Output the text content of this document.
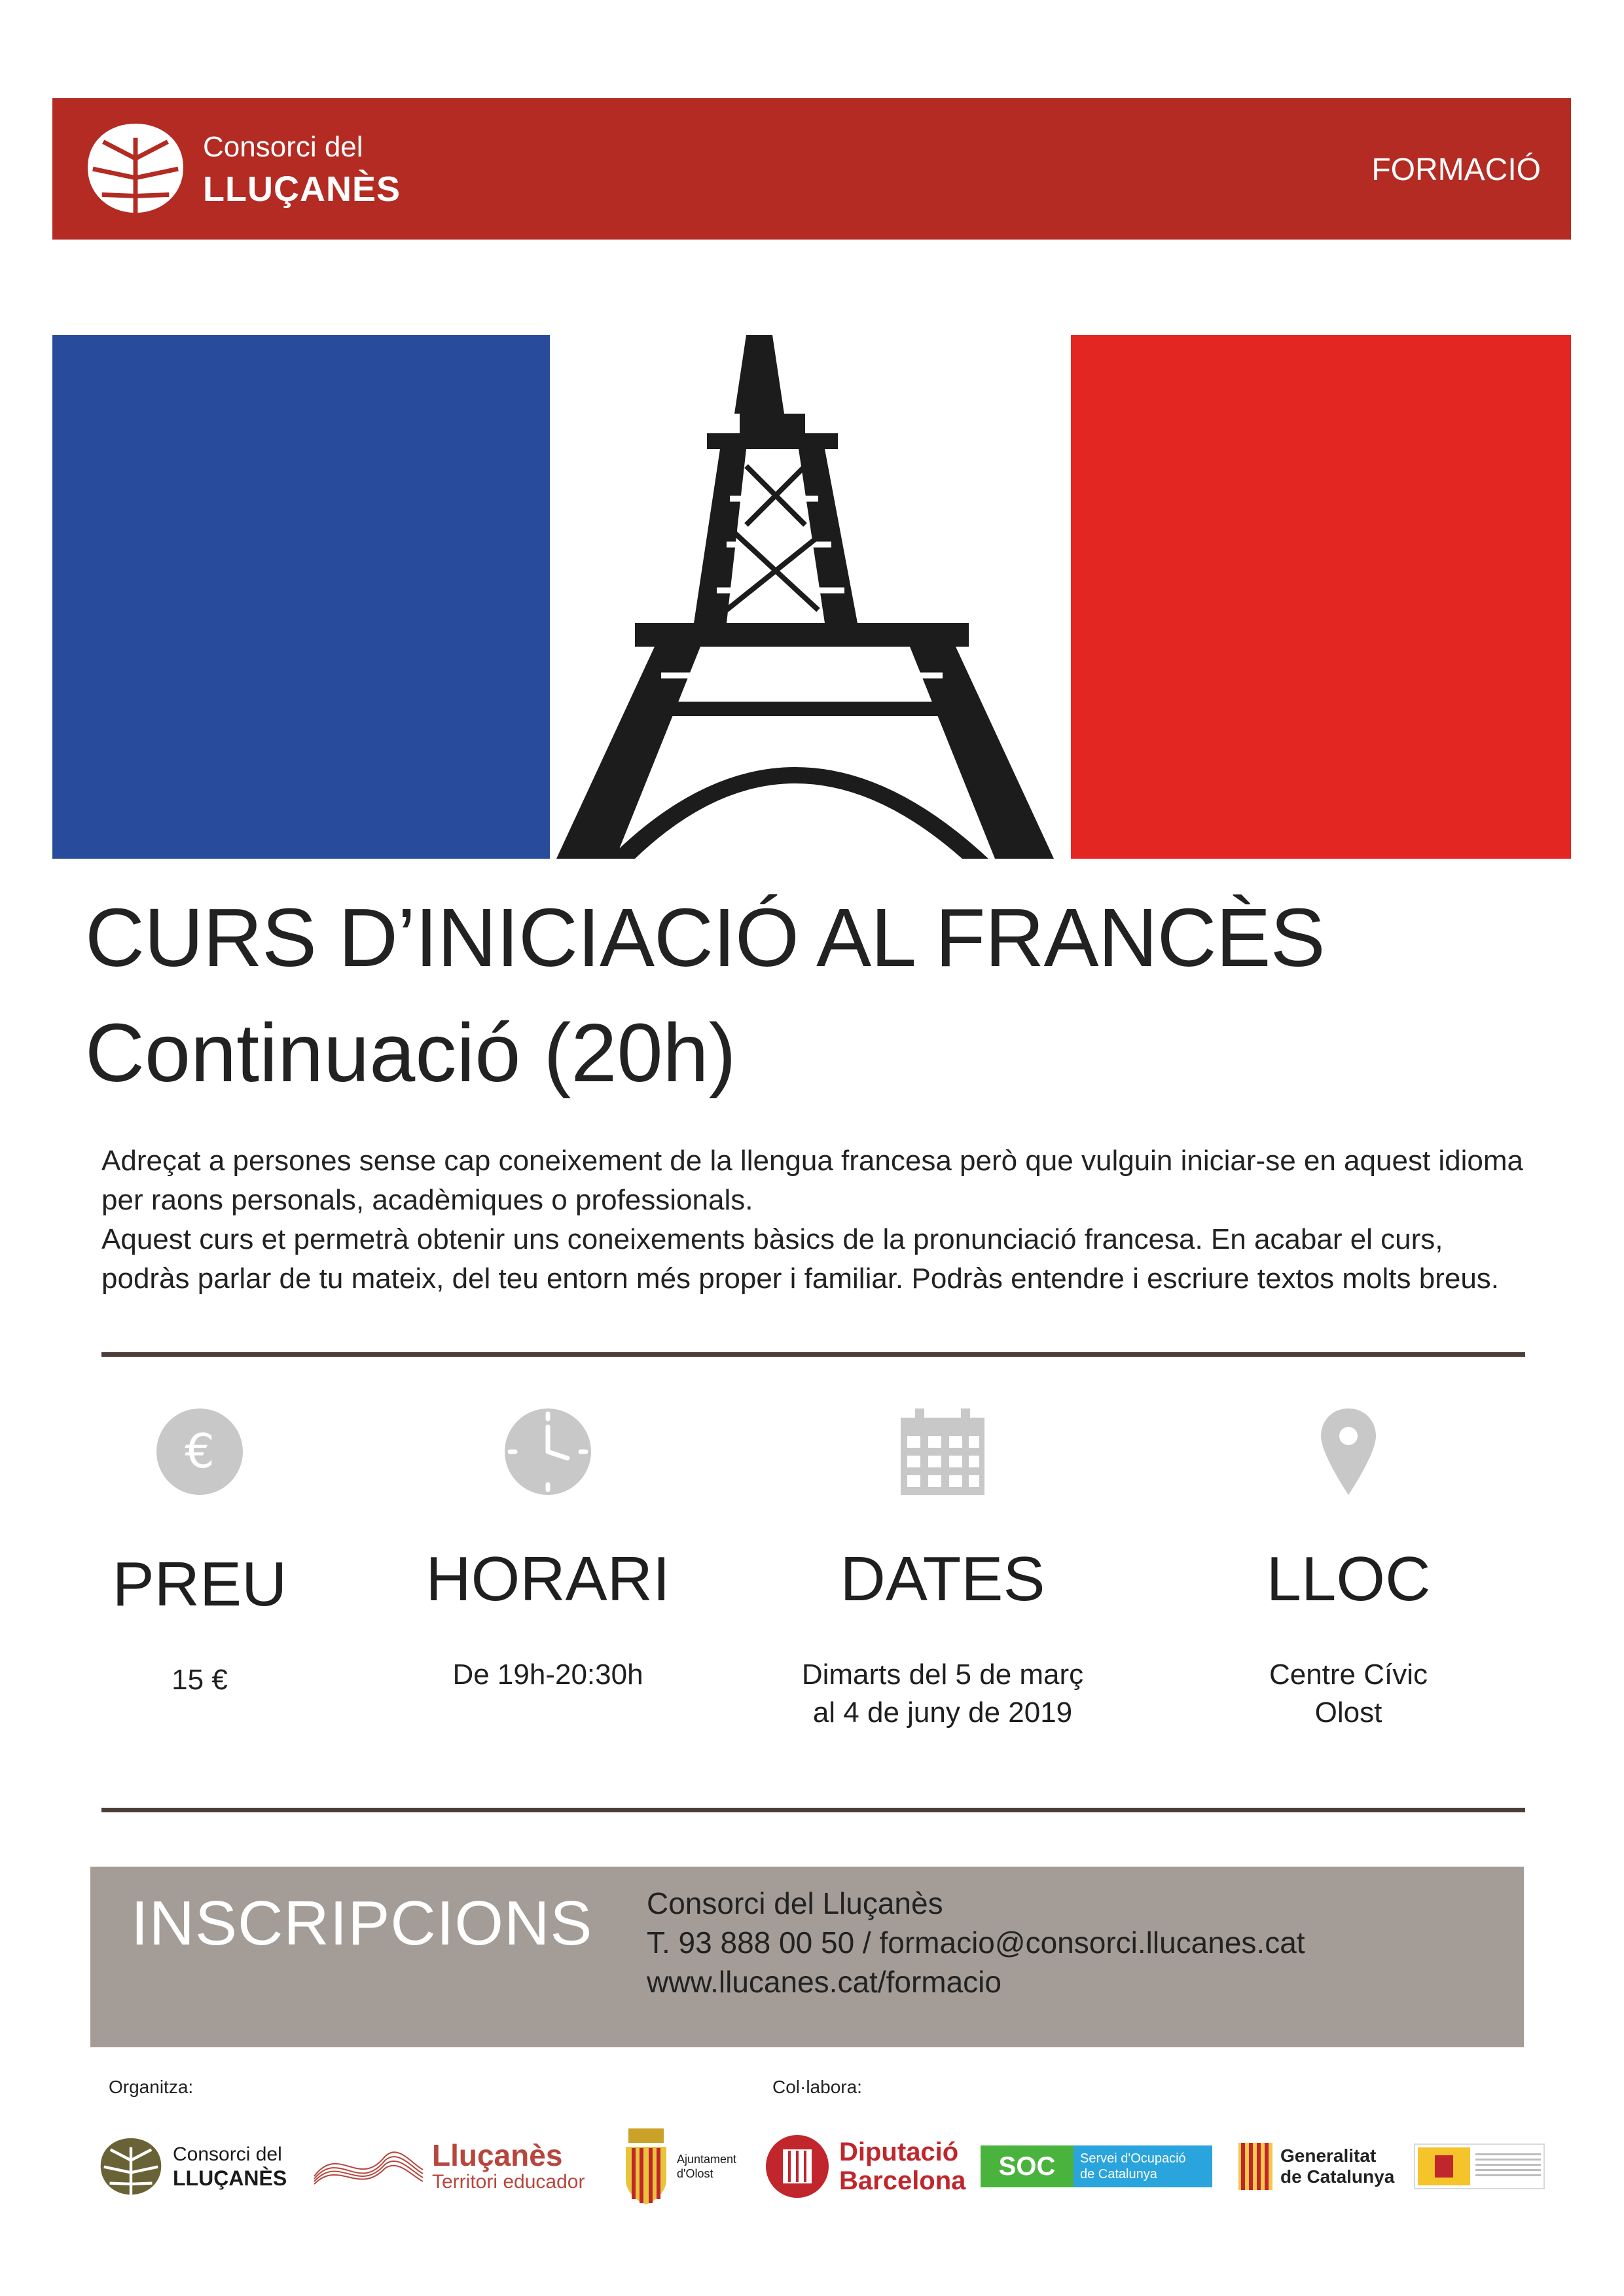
Consorci del
LLUÇANÈS	FORMACIÓ
CURS D’INICIACIÓ AL FRANCÈS
Continuació (20h)

Adreçat a persones sense cap coneixement de la llengua francesa però que vulguin iniciar-se en aquest idioma per raons personals, acadèmiques o professionals.

Aquest curs et permetrà obtenir uns coneixements bàsics de la pronunciació francesa. En acabar el curs, podràs parlar de tu mateix, del teu entorn més proper i familiar. Podràs entendre i escriure textos molts breus.

€
PREU
15 €
HORARI
De 19h-20:30h
DATES
Dimarts del 5 de març
al 4 de juny de 2019
LLOC
Centre Cívic
Olost
INSCRIPCIONS Consorci del Lluçanès
T. 93 888 00 50 / formacio@consorci.llucanes.cat
www.llucanes.cat/formacio
Organitza:	Col·labora:
Consorci del
LLUÇANÈS
Lluçanès
Territori educador
Ajuntament
d'Olost
Diputació
Barcelona
SOC	Servei d'Ocupació
de Catalunya
Generalitat
de Catalunya
